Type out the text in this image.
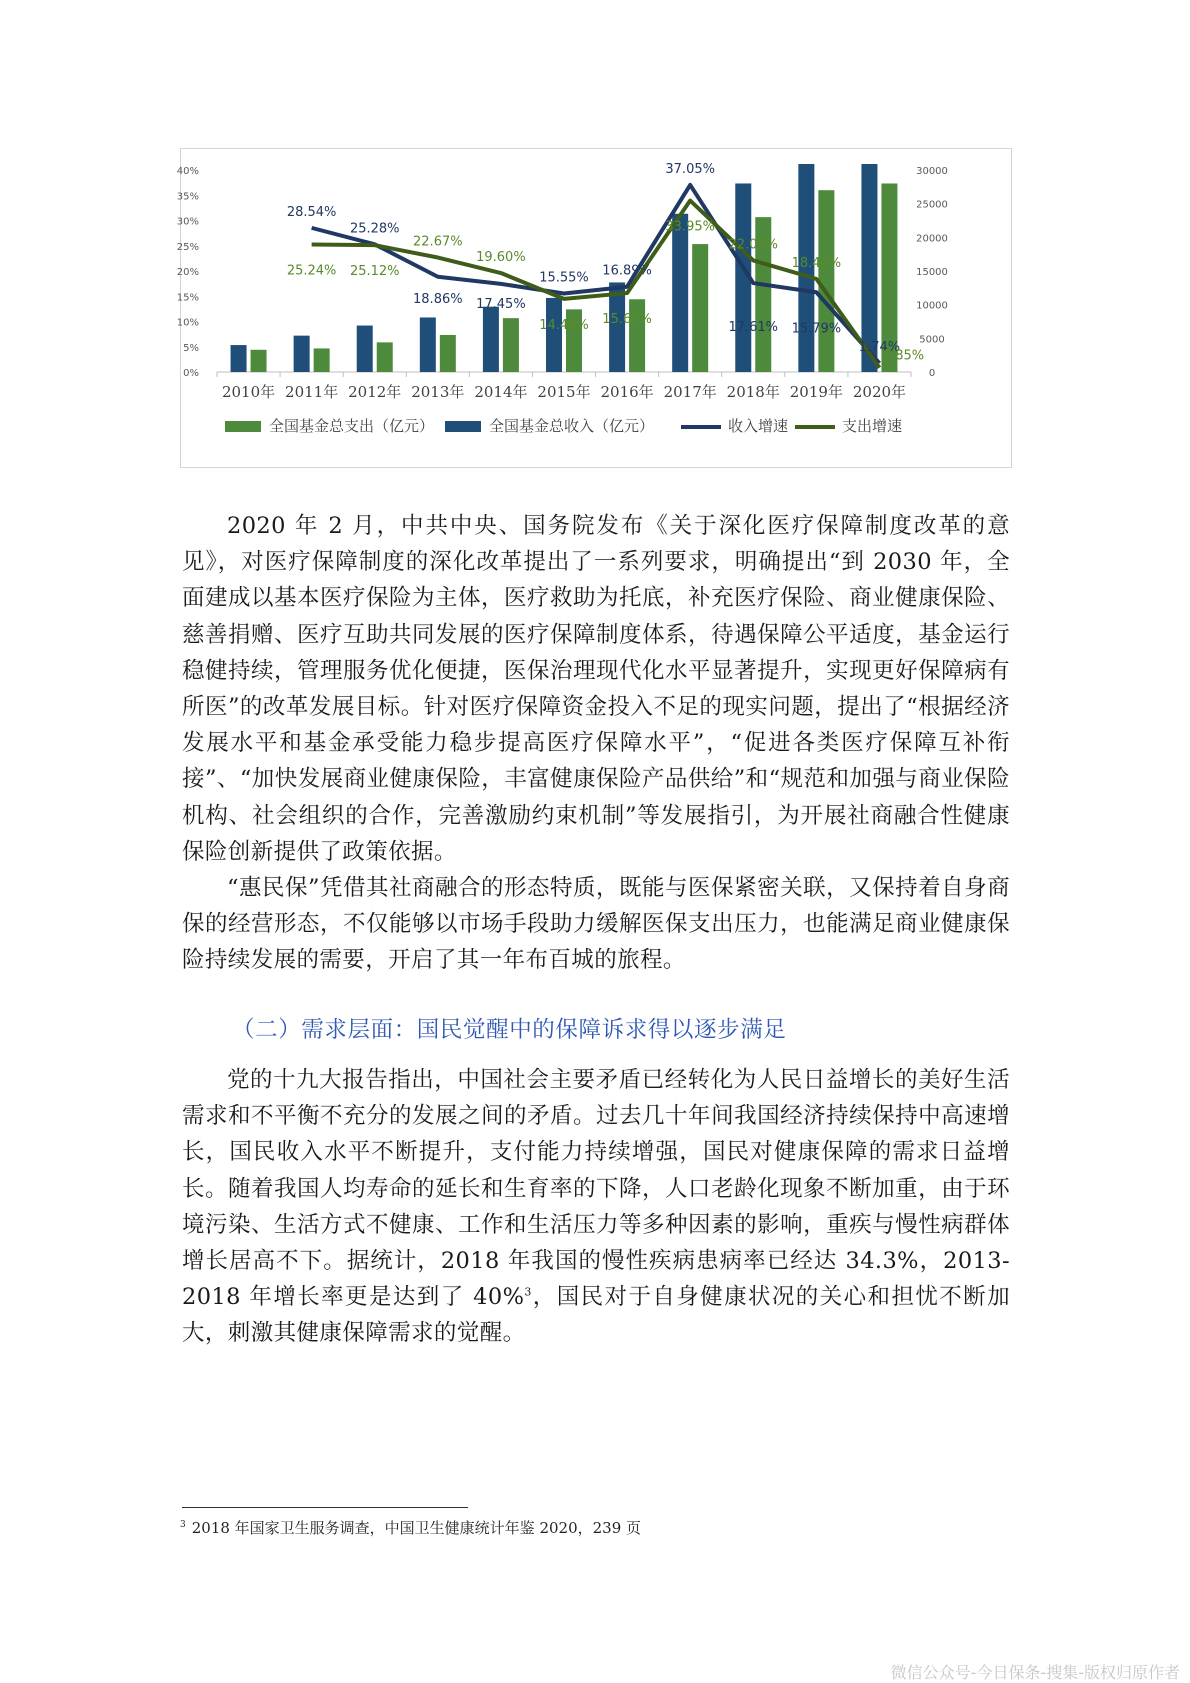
0%
5%
10%
15%
20%
25%
30%
35%
40%
0
5000
10000
15000
20000
25000
30000
2010年 2011年 2012年 2013年 2014年 2015年 2016年 2017年 2018年 2019年 2020年
28.54%
25.28%
18.86% 17.45%
15.55% 16.89%
37.05%
17.61% 15.79%
1.74%
25.24% 25.12%
22.67%
19.60%
14.48% 15.63%
33.95%
22.09%
18.44%
0.85%
全国基金总支出（亿元）	全国基金总收入（亿元）	收入增速	支出增速

2020 年 2 月，中共中央、国务院发布《关于深化医疗保障制度改革的意见》，对医疗保障制度的深化改革提出了一系列要求，明确提出“到 2030 年，全面建成以基本医疗保险为主体，医疗救助为托底，补充医疗保险、商业健康保险、慈善捐赠、医疗互助共同发展的医疗保障制度体系，待遇保障公平适度，基金运行稳健持续，管理服务优化便捷，医保治理现代化水平显著提升，实现更好保障病有所医”的改革发展目标。针对医疗保障资金投入不足的现实问题，提出了“根据经济发展水平和基金承受能力稳步提高医疗保障水平”，“促进各类医疗保障互补衔接”、“加快发展商业健康保险，丰富健康保险产品供给”和“规范和加强与商业保险机构、社会组织的合作，完善激励约束机制”等发展指引，为开展社商融合性健康保险创新提供了政策依据。

“惠民保”凭借其社商融合的形态特质，既能与医保紧密关联，又保持着自身商保的经营形态，不仅能够以市场手段助力缓解医保支出压力，也能满足商业健康保险持续发展的需要，开启了其一年布百城的旅程。

（二）需求层面：国民觉醒中的保障诉求得以逐步满足

党的十九大报告指出，中国社会主要矛盾已经转化为人民日益增长的美好生活需求和不平衡不充分的发展之间的矛盾。过去几十年间我国经济持续保持中高速增长，国民收入水平不断提升，支付能力持续增强，国民对健康保障的需求日益增长。随着我国人均寿命的延长和生育率的下降，人口老龄化现象不断加重，由于环境污染、生活方式不健康、工作和生活压力等多种因素的影响，重疾与慢性病群体增长居高不下。据统计，2018 年我国的慢性疾病患病率已经达 34.3%，2013-2018 年增长率更是达到了 40%$^3$，国民对于自身健康状况的关心和担忧不断加大，刺激其健康保障需求的觉醒。

$^3$ 2018 年国家卫生服务调查，中国卫生健康统计年鉴 2020，239 页
微信公众号-今日保条-搜集-版权归原作者
